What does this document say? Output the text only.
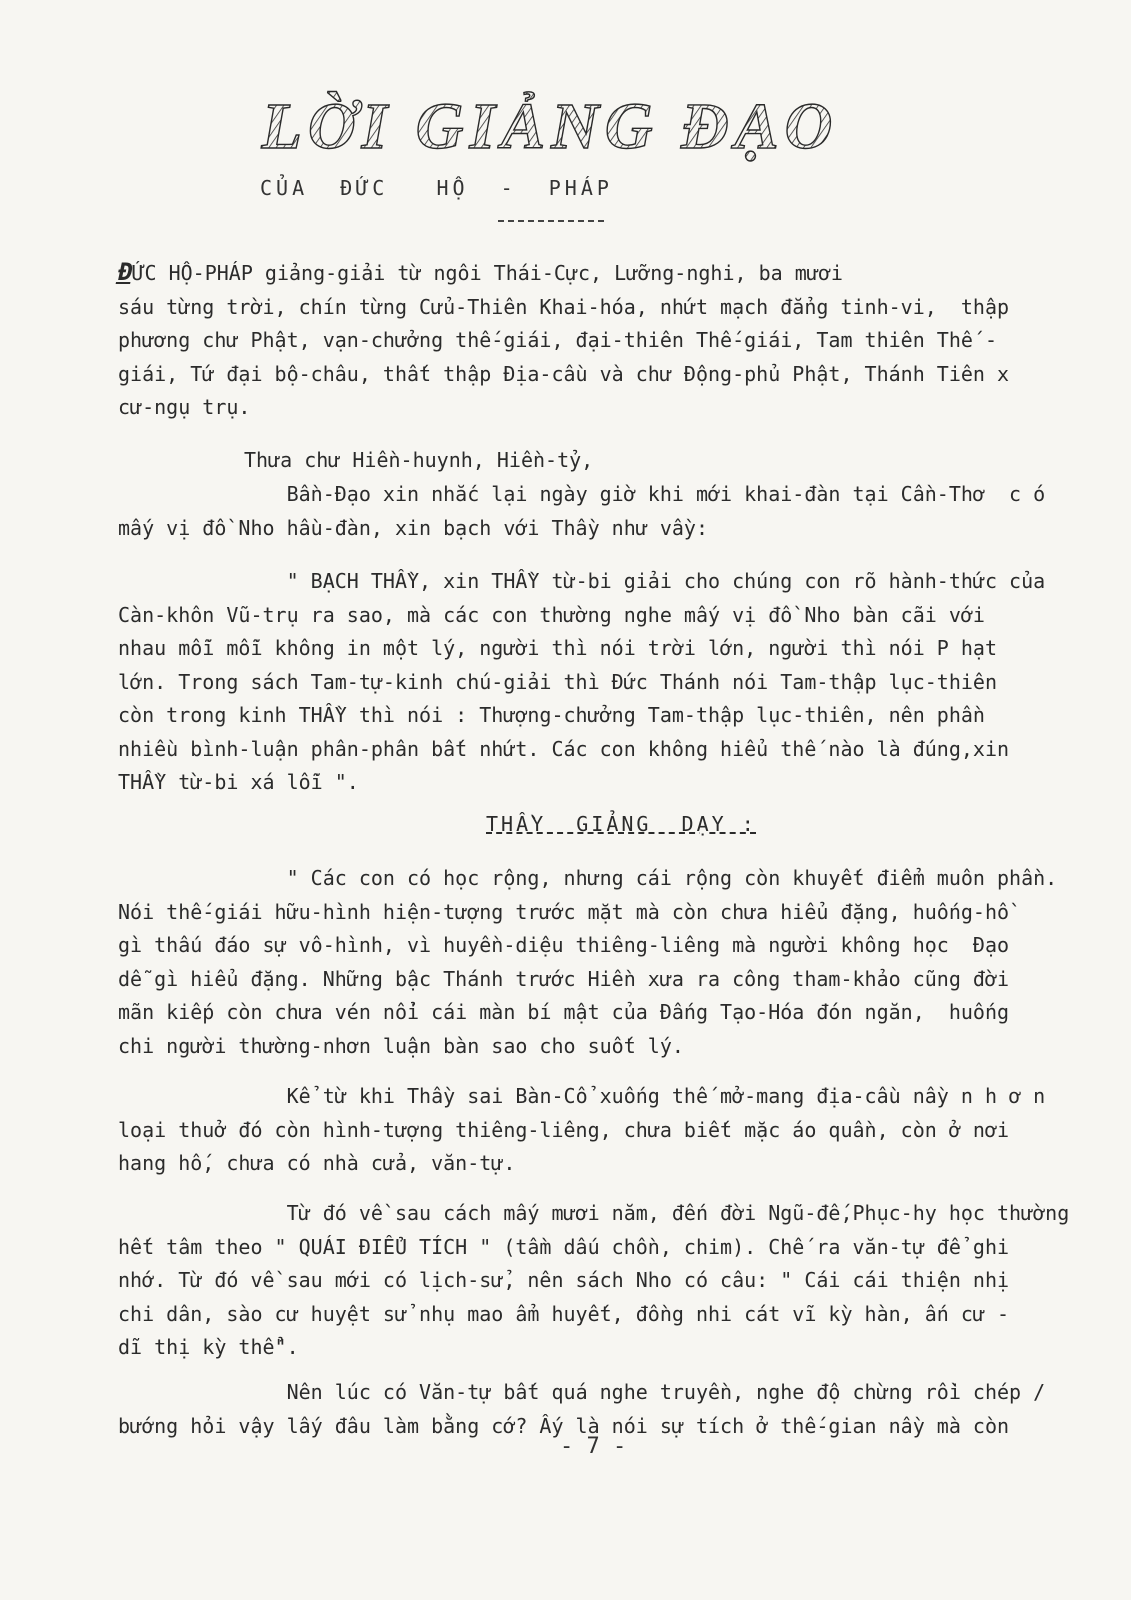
LỜI GIẢNG ĐẠO
CỦA  ĐỨC   HỘ  -  PHÁP
ĐỨC HỘ-PHÁP giảng-giải từ ngôi Thái-Cực, Lưỡng-nghi, ba mươi
sáu từng trời, chín từng Cửu-Thiên Khai-hóa, nhứt mạch đẳng tinh-vi,  thập
phương chư Phật, vạn-chưởng thế-giái, đại-thiên Thế-giái, Tam thiên Thế -
giái, Tứ đại bộ-châu, thất thập Địa-cầu và chư Động-phủ Phật, Thánh Tiên x
cư-ngụ trụ.
Thưa chư Hiền-huynh, Hiền-tỷ,
Bần-Đạo xin nhắc lại ngày giờ khi mới khai-đàn tại Cần-Thơ  c ó
mấy vị đồ Nho hầu-đàn, xin bạch với Thầy như vầy:
" BẠCH THẦY, xin THẦY từ-bi giải cho chúng con rõ hành-thức của
Càn-khôn Vũ-trụ ra sao, mà các con thường nghe mấy vị đồ Nho bàn cãi với
nhau mỗi mỗi không in một lý, người thì nói trời lớn, người thì nói P hạt
lớn. Trong sách Tam-tự-kinh chú-giải thì Đức Thánh nói Tam-thập lục-thiên
còn trong kinh THẦY thì nói : Thượng-chưởng Tam-thập lục-thiên, nên phần
nhiều bình-luận phân-phân bất nhứt. Các con không hiểu thế nào là đúng,xin
THẦY từ-bi xá lỗi ".
THẦY  GIẢNG  DẠY :
" Các con có học rộng, nhưng cái rộng còn khuyết điểm muôn phần.
Nói thế-giái hữu-hình hiện-tượng trước mặt mà còn chưa hiểu đặng, huống-hồ
gì thấu đáo sự vô-hình, vì huyền-diệu thiêng-liêng mà người không học  Đạo
dễ gì hiểu đặng. Những bậc Thánh trước Hiền xưa ra công tham-khảo cũng đời
mãn kiếp còn chưa vén nổi cái màn bí mật của Đấng Tạo-Hóa đón ngăn,  huống
chi người thường-nhơn luận bàn sao cho suốt lý.
Kể từ khi Thầy sai Bàn-Cổ xuống thế mở-mang địa-cầu nầy n h ơ n
loại thuở đó còn hình-tượng thiêng-liêng, chưa biết mặc áo quần, còn ở nơi
hang hố, chưa có nhà cửa, văn-tự.
Từ đó về sau cách mấy mươi năm, đến đời Ngũ-đế,Phục-hy học thường
hết tâm theo " QUÁI ĐIỂU TÍCH " (tầm dấu chồn, chim). Chế ra văn-tự để ghi
nhớ. Từ đó về sau mới có lịch-sử, nên sách Nho có câu: " Cái cái thiện nhị
chi dân, sào cư huyệt sử nhụ mao ẩm huyết, đồng nhi cát vĩ kỳ hàn, ấn cư -
dĩ thị kỳ thể".
Nên lúc có Văn-tự bất quá nghe truyền, nghe độ chừng rồi chép /
bướng hỏi vậy lấy đâu làm bằng cớ? Ấy là nói sự tích ở thế-gian nầy mà còn
- 7 -
